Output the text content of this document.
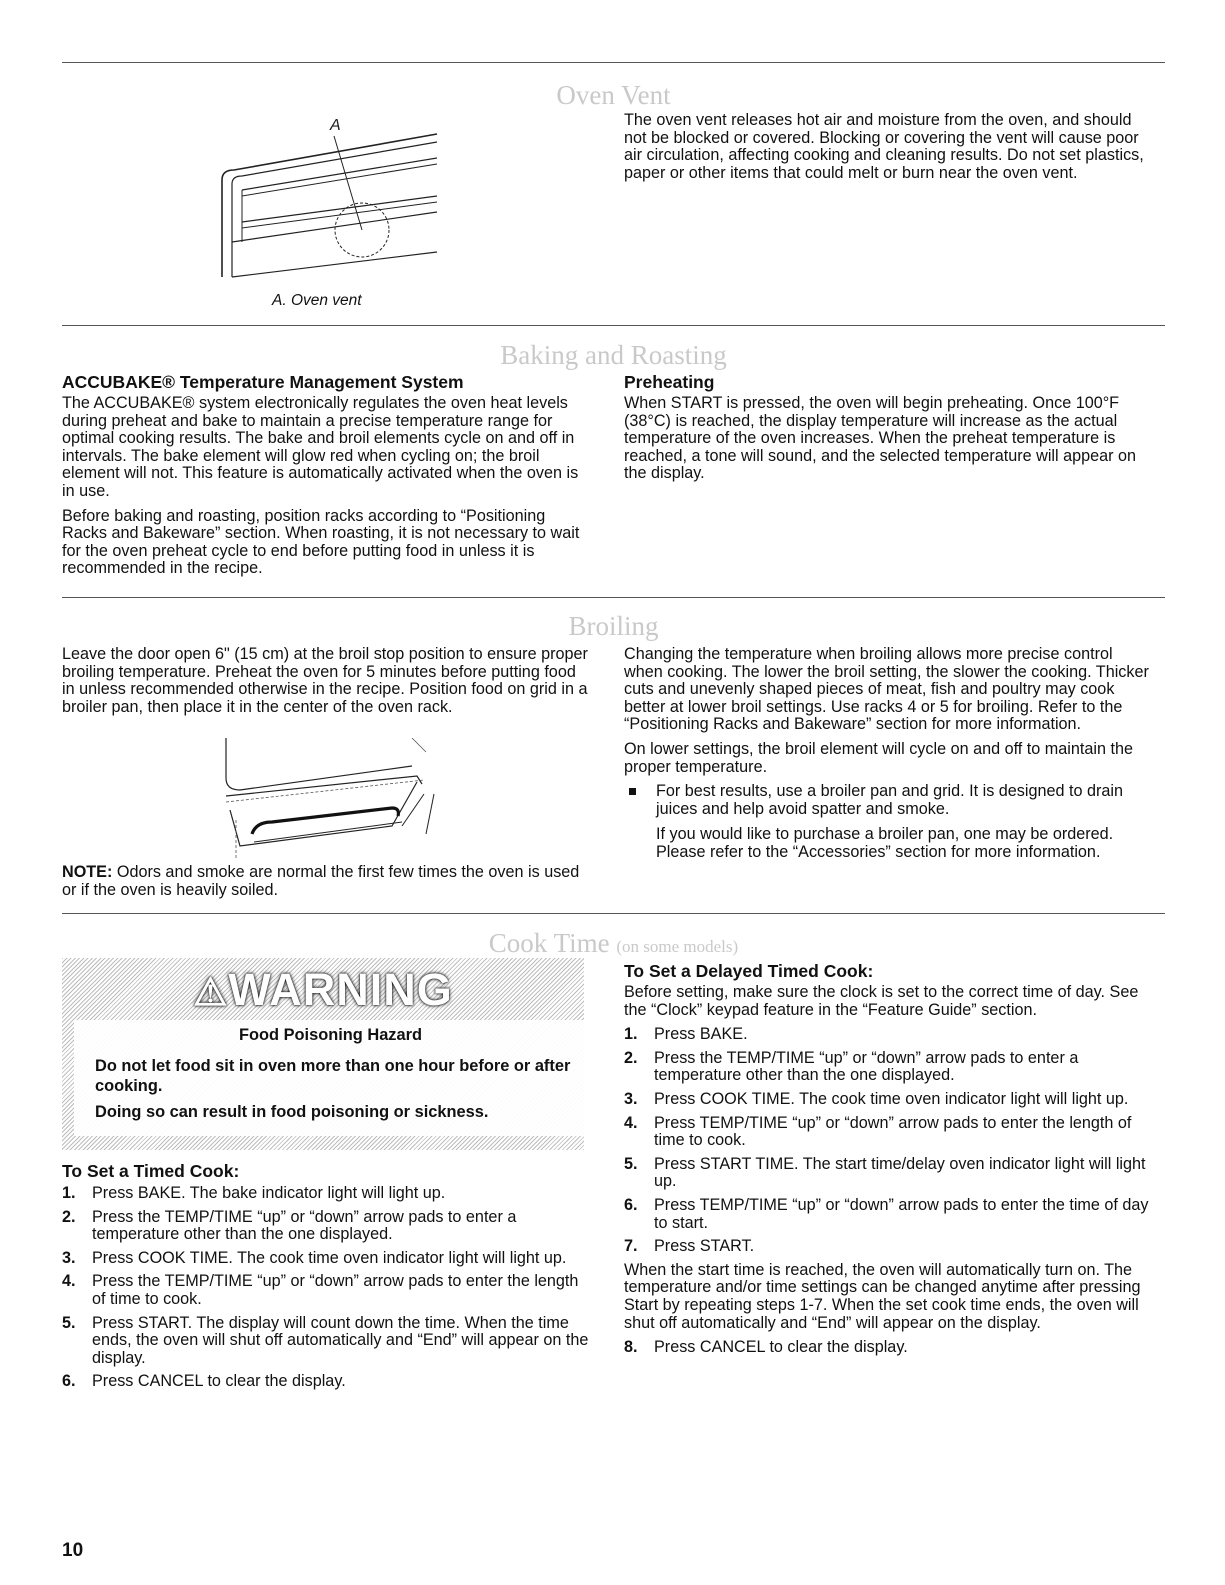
Oven Vent
A
A. Oven vent
The oven vent releases hot air and moisture from the oven, and should not be blocked or covered. Blocking or covering the vent will cause poor air circulation, affecting cooking and cleaning results. Do not set plastics, paper or other items that could melt or burn near the oven vent.
Baking and Roasting
ACCUBAKE® Temperature Management System

The ACCUBAKE® system electronically regulates the oven heat levels during preheat and bake to maintain a precise temperature range for optimal cooking results. The bake and broil elements cycle on and off in intervals. The bake element will glow red when cycling on; the broil element will not. This feature is automatically activated when the oven is in use.

Before baking and roasting, position racks according to “Positioning Racks and Bakeware” section. When roasting, it is not necessary to wait for the oven preheat cycle to end before putting food in unless it is recommended in the recipe.

Preheating

When START is pressed, the oven will begin preheating. Once 100°F (38°C) is reached, the display temperature will increase as the actual temperature of the oven increases. When the preheat temperature is reached, a tone will sound, and the selected temperature will appear on the display.

Broiling
Leave the door open 6" (15 cm) at the broil stop position to ensure proper broiling temperature. Preheat the oven for 5 minutes before putting food in unless recommended otherwise in the recipe. Position food on grid in a broiler pan, then place it in the center of the oven rack.
NOTE: Odors and smoke are normal the first few times the oven is used or if the oven is heavily soiled.

Changing the temperature when broiling allows more precise control when cooking. The lower the broil setting, the slower the cooking. Thicker cuts and unevenly shaped pieces of meat, fish and poultry may cook better at lower broil settings. Use racks 4 or 5 for broiling. Refer to the “Positioning Racks and Bakeware” section for more information.

On lower settings, the broil element will cycle on and off to maintain the proper temperature.

For best results, use a broiler pan and grid. It is designed to drain juices and help avoid spatter and smoke.
If you would like to purchase a broiler pan, one may be ordered. Please refer to the “Accessories” section for more information.
Cook Time (on some models)
⚠WARNING
Food Poisoning Hazard
Do not let food sit in oven more than one hour before or after cooking.
Doing so can result in food poisoning or sickness.
To Set a Timed Cook:
1. Press BAKE. The bake indicator light will light up.
2. Press the TEMP/TIME “up” or “down” arrow pads to enter a temperature other than the one displayed.
3. Press COOK TIME. The cook time oven indicator light will light up.
4. Press the TEMP/TIME “up” or “down” arrow pads to enter the length of time to cook.
5. Press START. The display will count down the time. When the time ends, the oven will shut off automatically and “End” will appear on the display.
6. Press CANCEL to clear the display.
To Set a Delayed Timed Cook:

Before setting, make sure the clock is set to the correct time of day. See the “Clock” keypad feature in the “Feature Guide” section.

1. Press BAKE.
2. Press the TEMP/TIME “up” or “down” arrow pads to enter a temperature other than the one displayed.
3. Press COOK TIME. The cook time oven indicator light will light up.
4. Press TEMP/TIME “up” or “down” arrow pads to enter the length of time to cook.
5. Press START TIME. The start time/delay oven indicator light will light up.
6. Press TEMP/TIME “up” or “down” arrow pads to enter the time of day to start.
7. Press START.

When the start time is reached, the oven will automatically turn on. The temperature and/or time settings can be changed anytime after pressing Start by repeating steps 1-7. When the set cook time ends, the oven will shut off automatically and “End” will appear on the display.

8. Press CANCEL to clear the display.
10
